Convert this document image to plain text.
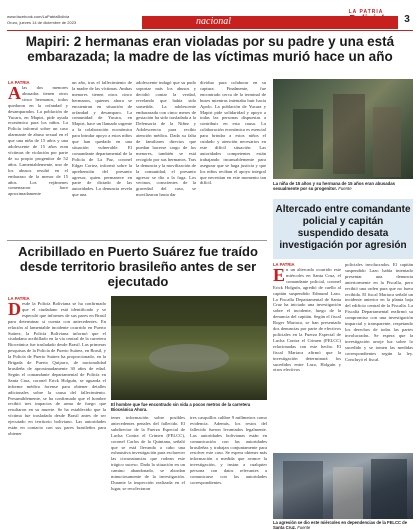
www.facebook.com/LaPatriaBolivia
Oruro, jueves 14 de diciembre de 2023	nacional
LA PATRIA
Policial	3
Mapiri: 2 hermanas eran violadas por su padre y una está embarazada; la madre de las víctimas murió hace un año
LA PATRIA
Alas dos menores abusadas tienen otros cinco hermanos, todos quedaron en la orfandad y desamparados. La población de Yucara, en Mapiri, pide ayuda económica para los niños. La Policía informó sobre un caso alarmante de abuso sexual en el que una niña de 15 años y una adolescente de 15 años eran víctimas de violación por parte de su propio progenitor de 52 años. Lamentablemente, uno de los abusos resultó en el embarazo de la menor de 15 años. Los vejámenes comenzaron hace aproximadamente
un año, tras el fallecimiento de la madre de las víctimas. Ambas menores tienen otros cinco hermanos, quienes ahora se encuentran en situación de orfandad y desamparo. La comunidad de Yucara, en Mapiri, hace un llamado urgente a la colaboración económica para brindar apoyo a estos niños que han quedado en una situación vulnerable. El comandante departamental de la Policía de La Paz, coronel Edgar Cortez, informó sobre la aprehensión del presunto agresor, quien permanece en parte de dictado de las autoridades. La denuncia revela que una
adolescente indagó que su pudo soportar más los abusos y decidió contar la verdad, revelando que había sido sometida. La adolescente embarazada con cinco meses de gestación ha sido trasladada a la Defensoría de la Niñez y Adolescencia para recibir atención médica. Dada su falta de familiares directos que puedan hacerse cargo de los menores, también se está recogido por sus hermanos. Tras la denuncia y la movilización de la comunidad, el presunto agresor se dio a la fuga. Los vecinos, conscientes de la gravedad del caso, se movilizaron hasta dar
dividuo para colaborar en su captura. Finalmente, fue encontrado cerca de la terminal de buses mientras intentaba huir hacia Apolo. La población de Yucara y Mapiri pide solidaridad y apoyo a todas las personas dispuestas a contribuir en esta causa. La colaboración económica es esencial para brindar a estos niños el cuidado y atención necesarios en este difícil situación. Las autoridades competentes están trabajando incansablemente para asegurar que se haga justicia y que los niños reciban el apoyo integral que necesitan en este momento tan difícil.	La niña de 15 años y su hermana de 15 años eran abusadas sexualmente por su progenitor. Fuente
Altercado entre comandante policial y capitán suspendido desata investigación por agresión
LA PATRIA
En un altercado ocurrido este miércoles en Santa Cruz, el comandante policial, coronel Erick Holguín, agredió de cuello al capitán suspendido Edmund Lazo. La Fiscalía Departamental de Santa Cruz ha iniciado una investigación sobre el incidente, luego de la denuncia del capitán. Según el fiscal Roger Mariaca, se han presentado dos denuncias por parte de efectivos policiales en la Fuerza Especial de Lucha Contra el Crimen (FELCC) relacionadas con este hecho. El fiscal Mariaca afirmó que la investigación determinará los sucedidos entre Lazo, Holguín y otros efectivos
policiales involucrados. El capitán suspendido Lazo había intentado presentar una denuncia anteriormente en la Fiscalía, pero recibió una orden para que no fuera recibida. El fiscal Mariaca señaló un incidente anterior en la planta baja del edificio central de la Fiscalía. La Fiscalía Departamental reafirmó su compromiso con una investigación imparcial y transparente, respetando los derechos de todas las partes involucradas. Se espera que la investigación arroje luz sobre lo sucedido y se tomen las medidas correspondientes según la ley. Concluyó el fiscal.
La agresión se dio este miércoles en dependencias de la FELCC de Santa Cruz. Fuente
Acribillado en Puerto Suárez fue traído desde territorio brasileño antes de ser ejecutado
LA PATRIA
Desde la Policía Boliviana se ha confirmado que el ciudadano está identificado y se especuló que informes de sus pares en Brasil para determinar si cuenta con antecedentes. En relación al lamentable incidente ocurrido en Puerto Suárez, la Policía Boliviana informó que el ciudadano acribillado en la vía central de la carretera Bioceánica fue trasladado desde Brasil. Las primeras pesquisas de la Policía de Puerto Suárez, en Brasil, y la Policía de Puerto Suárez ha proporcionado, en la Brigada de Puerto Quijarro, de nacionalidad brasileña de aproximadamente 30 años de edad. Según el comandante departamental de Policía en Santa Cruz, coronel Erick Holguín, se aguarda el informe médico forense para obtener detalles adicionales sobre la causa del fallecimiento. Presumiblemente, se ha confirmado que el hombre recibió tres impactos de arma de fuego que resultaron en su muerte. Se ha establecido que la víctima fue trasladada desde Brasil antes de ser ejecutado en territorio boliviano. Las autoridades están en contacto con sus pares brasileños para obtener
El hombre que fue encontrado sin vida a pocos metros de la carretera Bioceánica Ahora.
tener información sobre posibles antecedentes penales del fallecido. El subdirector de la Fuerza Especial de Lucha Contra el Crimen (FELCC), coronel Carlos de la Quintana, señaló que se está llevando a cabo una exhaustiva investigación para esclarecer las circunstancias que rodean este trágico suceso. Dada la situación en un camino abandonado, se abordan minuciosamente de la investigación. Durante la inspección realizada en el lugar, se recolectaron
tres casquillos calibre 9 milímetros como evidencia. Además, los restos del fallecido fueron levantados legalmente. Las autoridades bolivianas están en comunicación con las autoridades brasileñas y trabajan conjuntamente para resolver este caso. Se espera obtener más información a medida que avance la investigación, y instan a cualquier persona con datos relevantes a comunicarse con las autoridades correspondientes.
